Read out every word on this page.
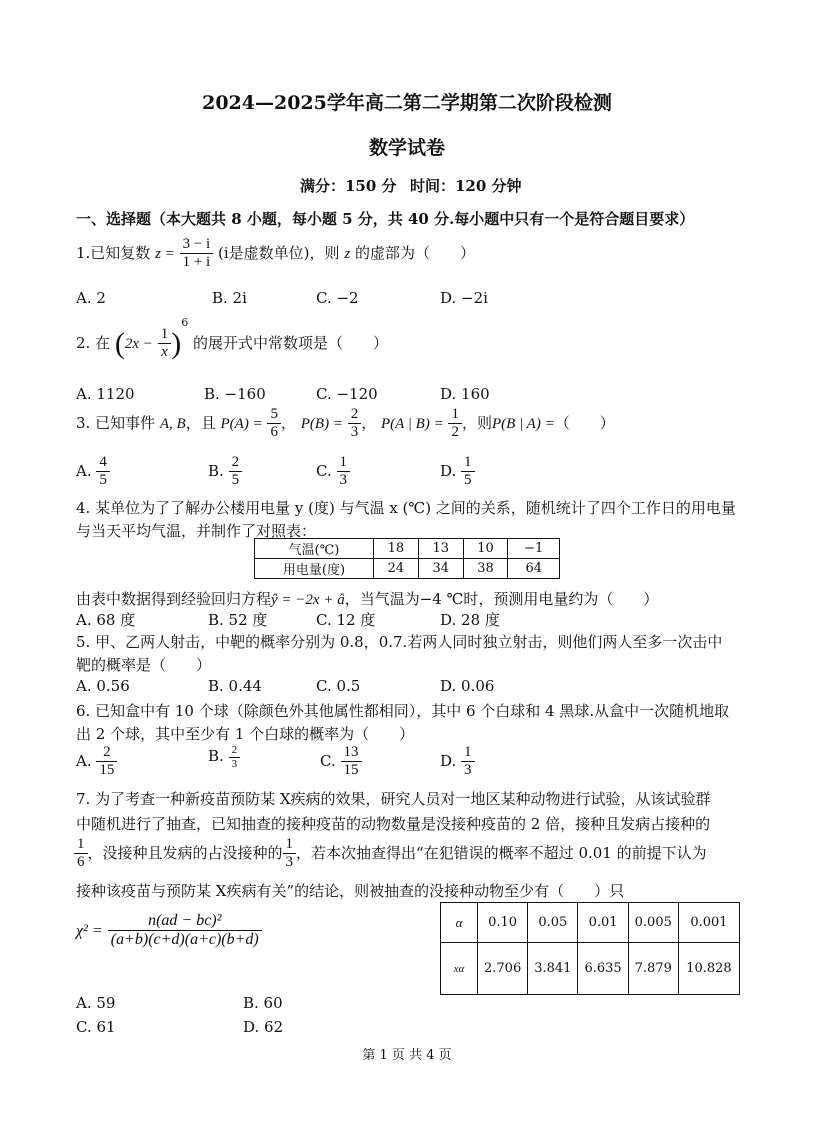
2024—2025学年高二第二学期第二次阶段检测
数学试卷
满分：150 分 时间：120 分钟
一、选择题（本大题共 8 小题，每小题 5 分，共 40 分.每小题中只有一个是符合题目要求）
1.已知复数 $z = \frac{3 - i}{1 + i} (i$是虚数单位)，则 z 的虚部为（　　）
A. 2	B. 2i	C. −2	D. −2i
2. 在 $(2x - \frac{1}{x} )^6$ 的展开式中常数项是（　　）
A. 1120	B. −160	C. −120	D. 160
3. 已知事件 A, B，且 $P(A) = \frac{5}{6}$ ， $P(B) = \frac{2}{3}$ ， P(A | $B) = \frac{1}{2}$ ，则P(B | A) =（　　）
A. $\frac{4}{5}$	B. $\frac{2}{5}$	C. $\frac{1}{3}$	D. $\frac{1}{5}$
4. 某单位为了了解办公楼用电量 y (度) 与气温 x (℃) 之间的关系，随机统计了四个工作日的用电量
与当天平均气温，并制作了对照表：
气温(℃)	18	13	10	−1
用电量(度)	24	34	38	64
由表中数据得到经验回归方程ŷ = −2x + â，当气温为−4 ℃时，预测用电量约为（　　）
A. 68 度	B. 52 度	C. 12 度	D. 28 度
5. 甲、乙两人射击，中靶的概率分别为 0.8，0.7.若两人同时独立射击，则他们两人至多一次击中
靶的概率是（　　）
A. 0.56	B. 0.44	C. 0.5	D. 0.06
6. 已知盒中有 10 个球（除颜色外其他属性都相同），其中 6 个白球和 4 黑球.从盒中一次随机地取
出 2 个球，其中至少有 1 个白球的概率为（　　）
A. $\frac{2}{15}$	B. $\frac{2}{3}$	C. $\frac{13}{15}$	D. $\frac{1}{3}$
7. 为了考查一种新疫苗预防某 X疾病的效果，研究人员对一地区某种动物进行试验，从该试验群
中随机进行了抽查，已知抽查的接种疫苗的动物数量是没接种疫苗的 2 倍，接种且发病占接种的
$\frac{1}{6}$ ，没接种且发病的占没接种的 $\frac{1}{3}$ ，若本次抽查得出“在犯错误的概率不超过 0.01 的前提下认为
接种该疫苗与预防某 X疾病有关”的结论，则被抽查的没接种动物至少有（　　）只
$\chi^2 = \frac{\text{n(ad − bc)²}}{(a+b)(c+d)(a+c)(b+d)}$	α	0.10	0.05	0.01	0.005	0.001
xα	2.706	3.841	6.635	7.879	10.828
A. 59	B. 60
C. 61	D. 62
第 1 页 共 4 页
